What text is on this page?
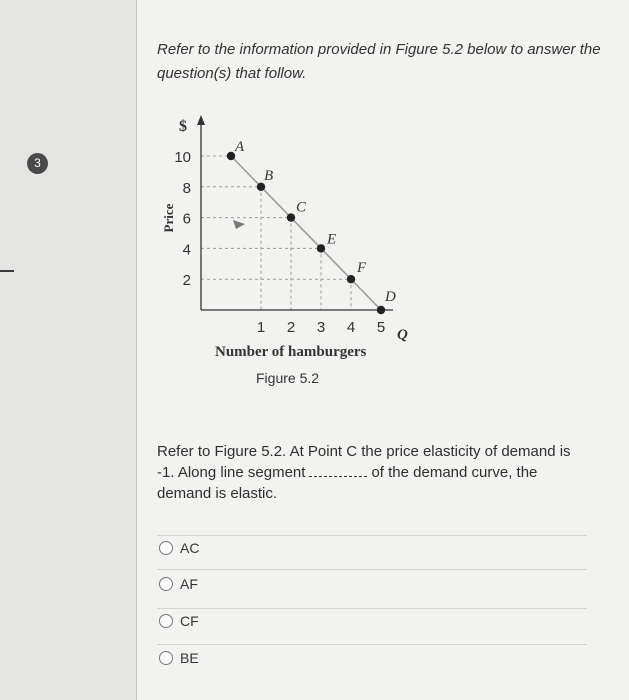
3
Refer to the information provided in Figure 5.2 below to answer the question(s) that follow.
$
Price
10
8
6
4
2
1 2 3 4 5
Number of hamburgers
Q
A
B
C
E
F
D
Figure 5.2
Refer to Figure 5.2. At Point C the price elasticity of demand is -1. Along line segment	of the demand curve, the demand is elastic.
AC
AF
CF
BE
